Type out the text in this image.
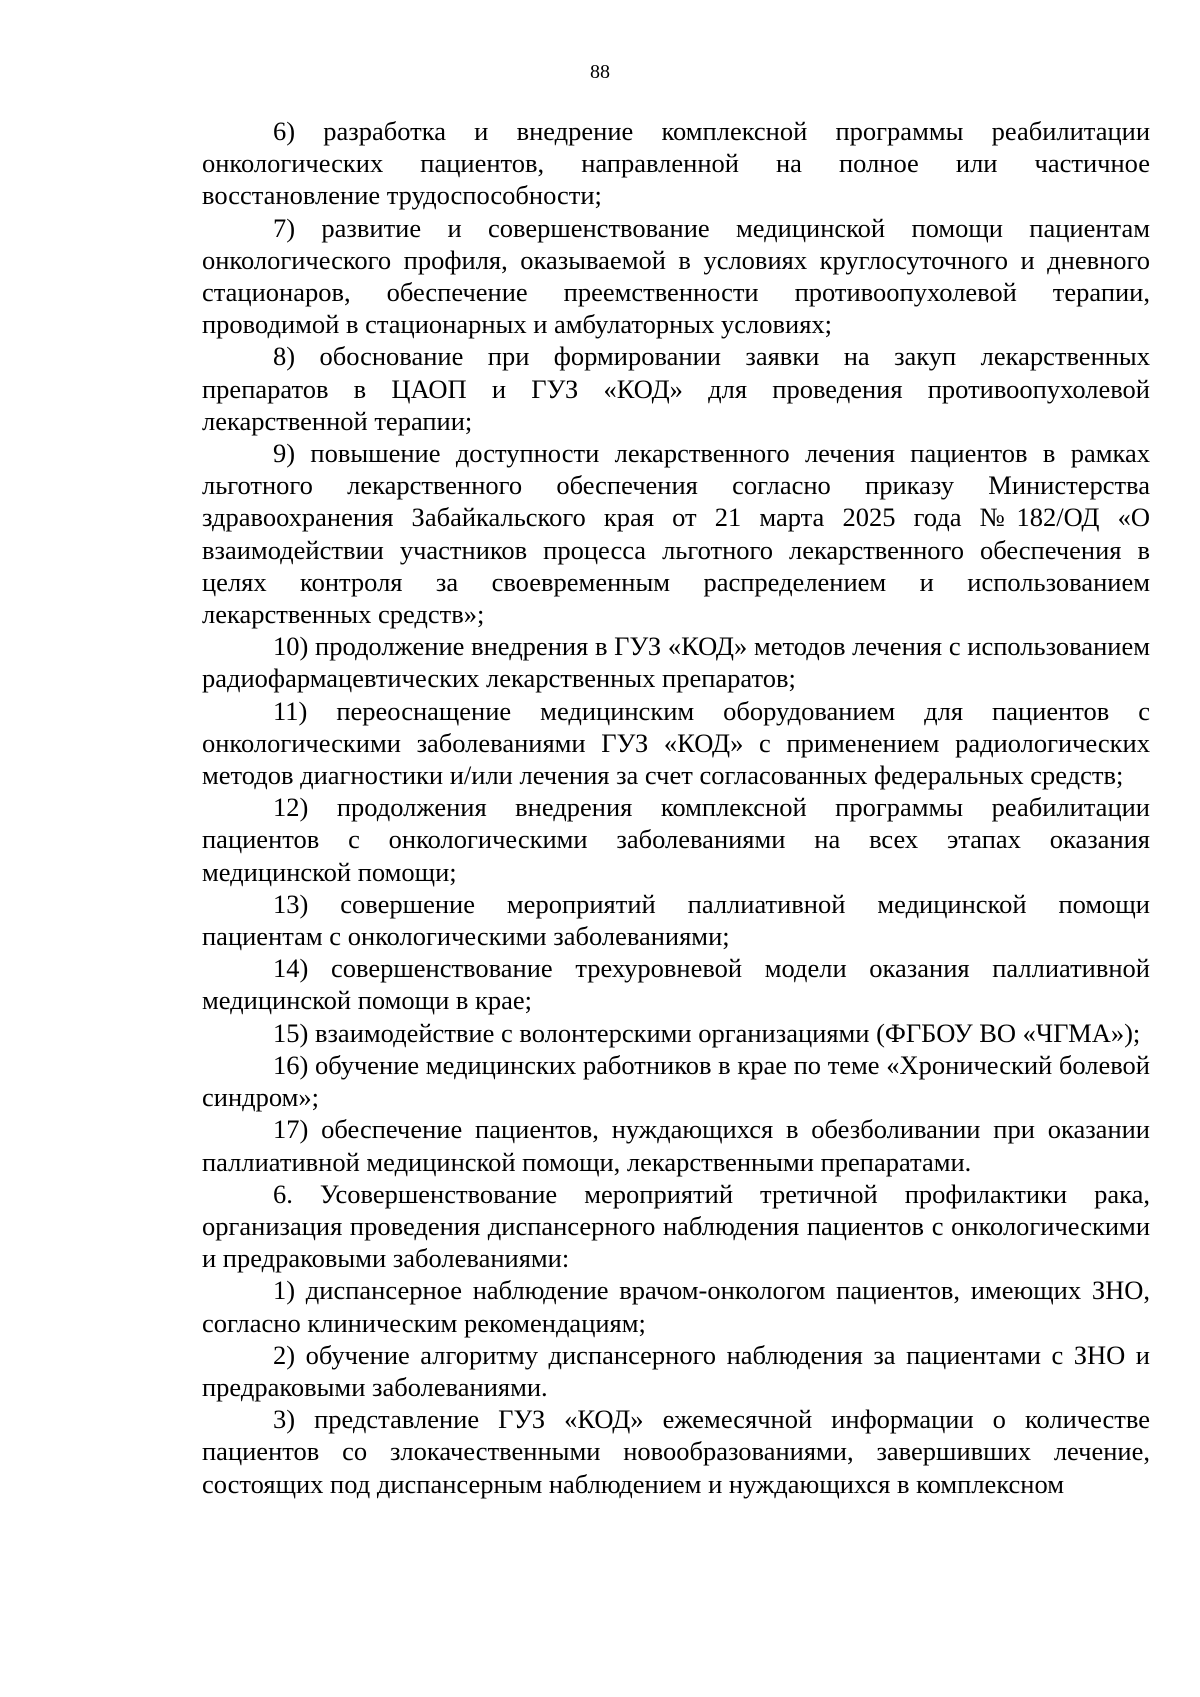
88

6) разработка и внедрение комплексной программы реабилитации онкологических пациентов, направленной на полное или частичное восстановление трудоспособности;

7) развитие и совершенствование медицинской помощи пациентам онкологического профиля, оказываемой в условиях круглосуточного и дневного стационаров, обеспечение преемственности противоопухолевой терапии, проводимой в стационарных и амбулаторных условиях;

8) обоснование при формировании заявки на закуп лекарственных препаратов в ЦАОП и ГУЗ «КОД» для проведения противоопухолевой лекарственной терапии;

9) повышение доступности лекарственного лечения пациентов в рамках льготного лекарственного обеспечения согласно приказу Министерства здравоохранения Забайкальского края от 21 марта 2025 года №182/ОД «О взаимодействии участников процесса льготного лекарственного обеспечения в целях контроля за своевременным распределением и использованием лекарственных средств»;

10) продолжение внедрения в ГУЗ «КОД» методов лечения с использованием радиофармацевтических лекарственных препаратов;

11) переоснащение медицинским оборудованием для пациентов с онкологическими заболеваниями ГУЗ «КОД» с применением радиологических методов диагностики и/или лечения за счет согласованных федеральных средств;

12) продолжения внедрения комплексной программы реабилитации пациентов с онкологическими заболеваниями на всех этапах оказания медицинской помощи;

13) совершение мероприятий паллиативной медицинской помощи пациентам с онкологическими заболеваниями;

14) совершенствование трехуровневой модели оказания паллиативной медицинской помощи в крае;

15) взаимодействие с волонтерскими организациями (ФГБОУ ВО «ЧГМА»);

16) обучение медицинских работников в крае по теме «Хронический болевой синдром»;

17) обеспечение пациентов, нуждающихся в обезболивании при оказании паллиативной медицинской помощи, лекарственными препаратами.

6. Усовершенствование мероприятий третичной профилактики рака, организация проведения диспансерного наблюдения пациентов с онкологическими и предраковыми заболеваниями:

1) диспансерное наблюдение врачом-онкологом пациентов, имеющих ЗНО, согласно клиническим рекомендациям;

2) обучение алгоритму диспансерного наблюдения за пациентами с ЗНО и предраковыми заболеваниями.

3) представление ГУЗ «КОД» ежемесячной информации о количестве пациентов со злокачественными новообразованиями, завершивших лечение, состоящих под диспансерным наблюдением и нуждающихся в комплексном
